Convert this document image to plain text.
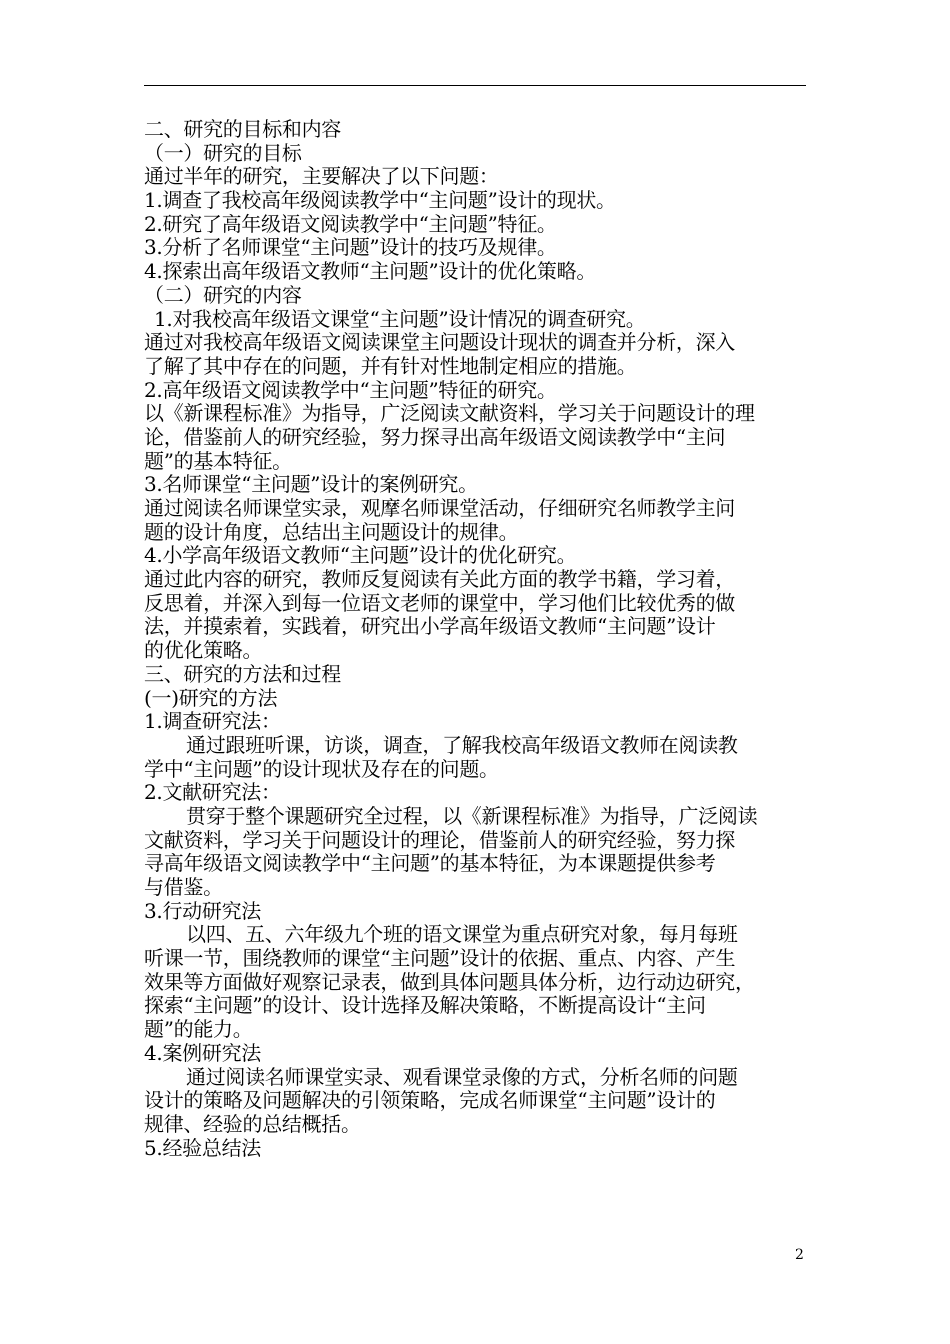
二、研究的目标和内容
（一）研究的目标
通过半年的研究，主要解决了以下问题：
1.调查了我校高年级阅读教学中“主问题”设计的现状。
2.研究了高年级语文阅读教学中“主问题”特征。
3.分析了名师课堂“主问题”设计的技巧及规律。
4.探索出高年级语文教师“主问题”设计的优化策略。
（二）研究的内容
1.对我校高年级语文课堂“主问题”设计情况的调查研究。
通过对我校高年级语文阅读课堂主问题设计现状的调查并分析，深入
了解了其中存在的问题，并有针对性地制定相应的措施。
2.高年级语文阅读教学中“主问题”特征的研究。
以《新课程标准》为指导，广泛阅读文献资料，学习关于问题设计的理
论，借鉴前人的研究经验，努力探寻出高年级语文阅读教学中“主问
题”的基本特征。
3.名师课堂“主问题”设计的案例研究。
通过阅读名师课堂实录，观摩名师课堂活动，仔细研究名师教学主问
题的设计角度，总结出主问题设计的规律。
4.小学高年级语文教师“主问题”设计的优化研究。
通过此内容的研究，教师反复阅读有关此方面的教学书籍，学习着，
反思着，并深入到每一位语文老师的课堂中，学习他们比较优秀的做
法，并摸索着，实践着，研究出小学高年级语文教师“主问题”设计
的优化策略。
三、研究的方法和过程
(一)研究的方法
1.调查研究法：
通过跟班听课，访谈，调查，了解我校高年级语文教师在阅读教
学中“主问题”的设计现状及存在的问题。
2.文献研究法：
贯穿于整个课题研究全过程，以《新课程标准》为指导，广泛阅读
文献资料，学习关于问题设计的理论，借鉴前人的研究经验，努力探
寻高年级语文阅读教学中“主问题”的基本特征，为本课题提供参考
与借鉴。
3.行动研究法
以四、五、六年级九个班的语文课堂为重点研究对象，每月每班
听课一节，围绕教师的课堂“主问题”设计的依据、重点、内容、产生
效果等方面做好观察记录表，做到具体问题具体分析，边行动边研究，
探索“主问题”的设计、设计选择及解决策略，不断提高设计“主问
题”的能力。
4.案例研究法
通过阅读名师课堂实录、观看课堂录像的方式，分析名师的问题
设计的策略及问题解决的引领策略，完成名师课堂“主问题”设计的
规律、经验的总结概括。
5.经验总结法
2
